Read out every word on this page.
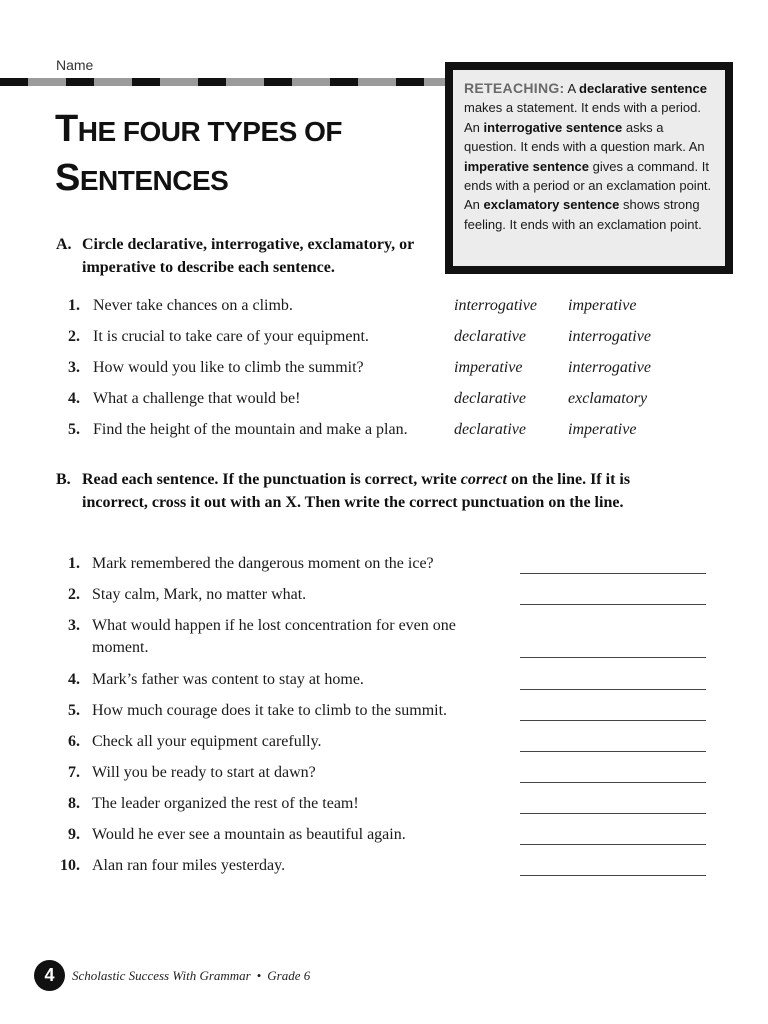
Name
THE FOUR TYPES OF
SENTENCES
RETEACHING: A declarative sentence makes a statement. It ends with a period. An interrogative sentence asks a question. It ends with a question mark. An imperative sentence gives a command. It ends with a period or an exclamation point. An exclamatory sentence shows strong feeling. It ends with an exclamation point.
A. Circle declarative, interrogative, exclamatory, or imperative to describe each sentence.
1. Never take chances on a climb.	interrogative imperative
2. It is crucial to take care of your equipment.	declarative	interrogative
3. How would you like to climb the summit?	imperative	interrogative
4. What a challenge that would be!	declarative	exclamatory
5. Find the height of the mountain and make a plan.	declarative	imperative
B. Read each sentence. If the punctuation is correct, write correct on the line. If it is incorrect, cross it out with an X. Then write the correct punctuation on the line.
1. Mark remembered the dangerous moment on the ice?
2. Stay calm, Mark, no matter what.
3. What would happen if he lost concentration for even one moment.
4. Mark’s father was content to stay at home.
5. How much courage does it take to climb to the summit.
6. Check all your equipment carefully.
7. Will you be ready to start at dawn?
8. The leader organized the rest of the team!
9. Would he ever see a mountain as beautiful again.
10. Alan ran four miles yesterday.
4	Scholastic Success With Grammar • Grade 6
